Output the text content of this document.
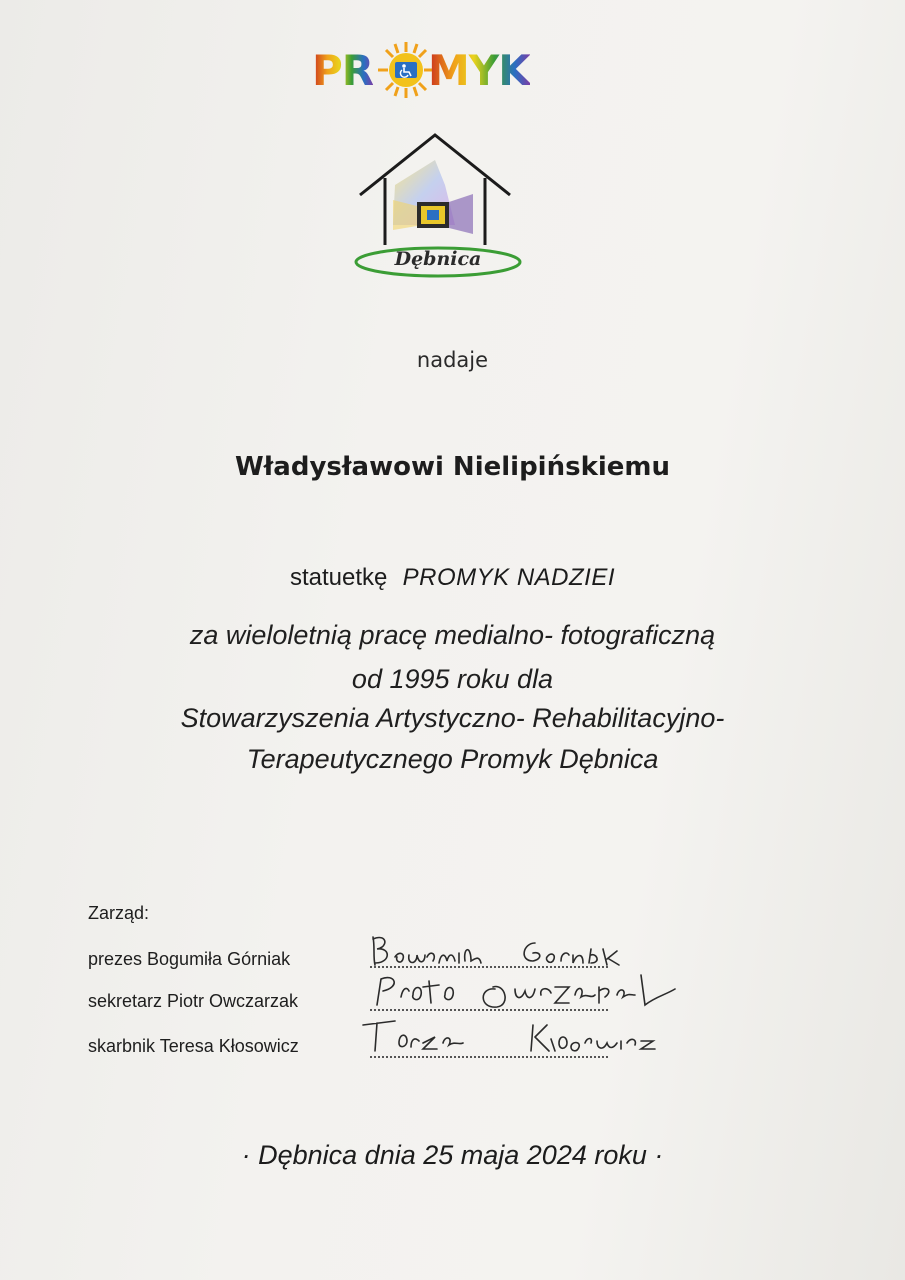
PR MYK
Dębnica
nadaje
Władysławowi Nielipińskiemu
statuetkę PROMYK NADZIEI
za wieloletnią pracę medialno- fotograficzną
od 1995 roku dla
Stowarzyszenia Artystyczno- Rehabilitacyjno-
Terapeutycznego Promyk Dębnica
Zarząd:
prezes Bogumiła Górniak
sekretarz Piotr Owczarzak
skarbnik Teresa Kłosowicz
· Dębnica dnia 25 maja 2024 roku ·
